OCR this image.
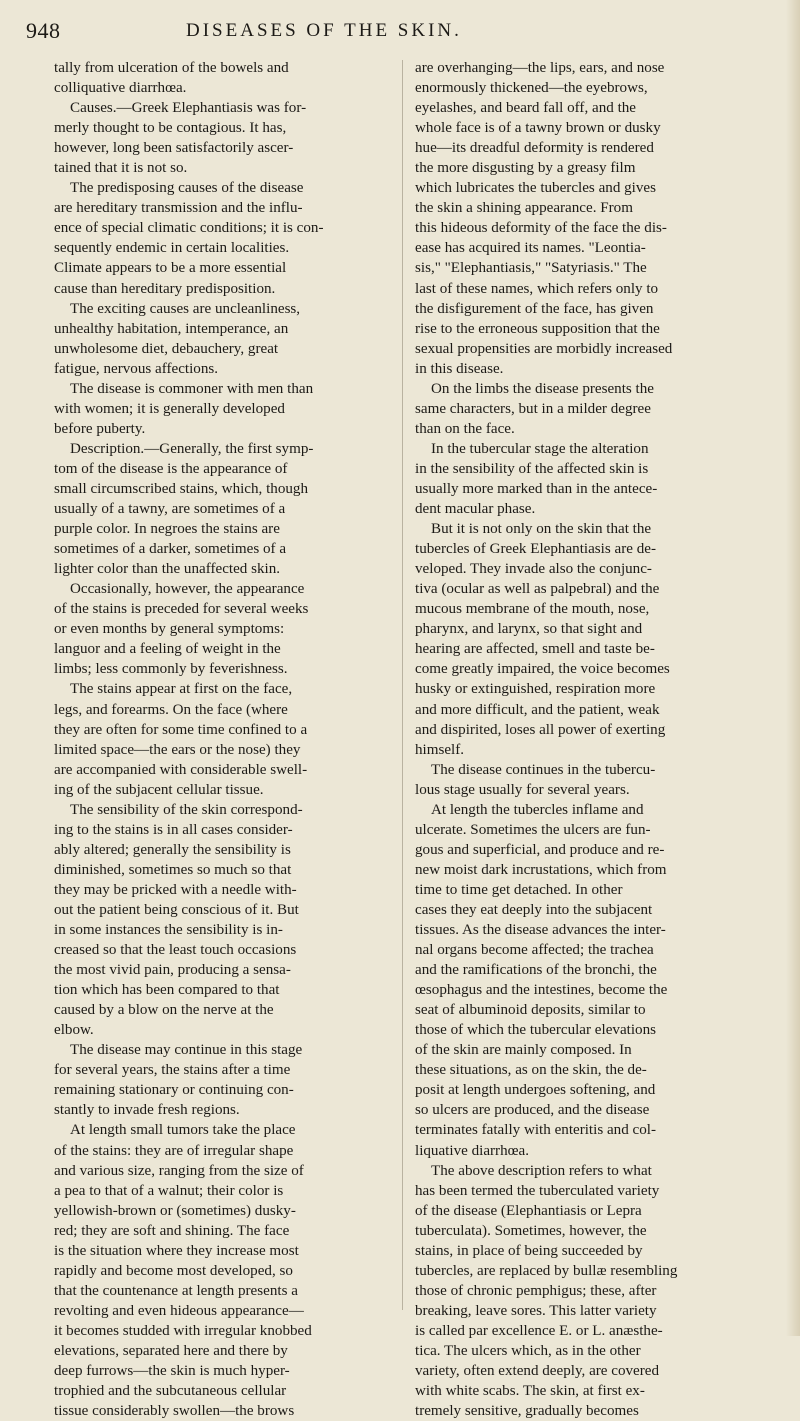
948	DISEASES OF THE SKIN.
tally from ulceration of the bowels and
colliquative diarrhœa.
Causes.—Greek Elephantiasis was for-
merly thought to be contagious. It has,
however, long been satisfactorily ascer-
tained that it is not so.
The predisposing causes of the disease
are hereditary transmission and the influ-
ence of special climatic conditions; it is con-
sequently endemic in certain localities.
Climate appears to be a more essential
cause than hereditary predisposition.
The exciting causes are uncleanliness,
unhealthy habitation, intemperance, an
unwholesome diet, debauchery, great
fatigue, nervous affections.
The disease is commoner with men than
with women; it is generally developed
before puberty.
Description.—Generally, the first symp-
tom of the disease is the appearance of
small circumscribed stains, which, though
usually of a tawny, are sometimes of a
purple color. In negroes the stains are
sometimes of a darker, sometimes of a
lighter color than the unaffected skin.
Occasionally, however, the appearance
of the stains is preceded for several weeks
or even months by general symptoms:
languor and a feeling of weight in the
limbs; less commonly by feverishness.
The stains appear at first on the face,
legs, and forearms. On the face (where
they are often for some time confined to a
limited space—the ears or the nose) they
are accompanied with considerable swell-
ing of the subjacent cellular tissue.
The sensibility of the skin correspond-
ing to the stains is in all cases consider-
ably altered; generally the sensibility is
diminished, sometimes so much so that
they may be pricked with a needle with-
out the patient being conscious of it. But
in some instances the sensibility is in-
creased so that the least touch occasions
the most vivid pain, producing a sensa-
tion which has been compared to that
caused by a blow on the nerve at the
elbow.
The disease may continue in this stage
for several years, the stains after a time
remaining stationary or continuing con-
stantly to invade fresh regions.
At length small tumors take the place
of the stains: they are of irregular shape
and various size, ranging from the size of
a pea to that of a walnut; their color is
yellowish-brown or (sometimes) dusky-
red; they are soft and shining. The face
is the situation where they increase most
rapidly and become most developed, so
that the countenance at length presents a
revolting and even hideous appearance—
it becomes studded with irregular knobbed
elevations, separated here and there by
deep furrows—the skin is much hyper-
trophied and the subcutaneous cellular
tissue considerably swollen—the brows
are overhanging—the lips, ears, and nose
enormously thickened—the eyebrows,
eyelashes, and beard fall off, and the
whole face is of a tawny brown or dusky
hue—its dreadful deformity is rendered
the more disgusting by a greasy film
which lubricates the tubercles and gives
the skin a shining appearance. From
this hideous deformity of the face the dis-
ease has acquired its names. "Leontia-
sis," "Elephantiasis," "Satyriasis." The
last of these names, which refers only to
the disfigurement of the face, has given
rise to the erroneous supposition that the
sexual propensities are morbidly increased
in this disease.
On the limbs the disease presents the
same characters, but in a milder degree
than on the face.
In the tubercular stage the alteration
in the sensibility of the affected skin is
usually more marked than in the antece-
dent macular phase.
But it is not only on the skin that the
tubercles of Greek Elephantiasis are de-
veloped. They invade also the conjunc-
tiva (ocular as well as palpebral) and the
mucous membrane of the mouth, nose,
pharynx, and larynx, so that sight and
hearing are affected, smell and taste be-
come greatly impaired, the voice becomes
husky or extinguished, respiration more
and more difficult, and the patient, weak
and dispirited, loses all power of exerting
himself.
The disease continues in the tubercu-
lous stage usually for several years.
At length the tubercles inflame and
ulcerate. Sometimes the ulcers are fun-
gous and superficial, and produce and re-
new moist dark incrustations, which from
time to time get detached. In other
cases they eat deeply into the subjacent
tissues. As the disease advances the inter-
nal organs become affected; the trachea
and the ramifications of the bronchi, the
œsophagus and the intestines, become the
seat of albuminoid deposits, similar to
those of which the tubercular elevations
of the skin are mainly composed. In
these situations, as on the skin, the de-
posit at length undergoes softening, and
so ulcers are produced, and the disease
terminates fatally with enteritis and col-
liquative diarrhœa.
The above description refers to what
has been termed the tuberculated variety
of the disease (Elephantiasis or Lepra
tuberculata). Sometimes, however, the
stains, in place of being succeeded by
tubercles, are replaced by bullæ resembling
those of chronic pemphigus; these, after
breaking, leave sores. This latter variety
is called par excellence E. or L. anæsthe-
tica. The ulcers which, as in the other
variety, often extend deeply, are covered
with white scabs. The skin, at first ex-
tremely sensitive, gradually becomes
